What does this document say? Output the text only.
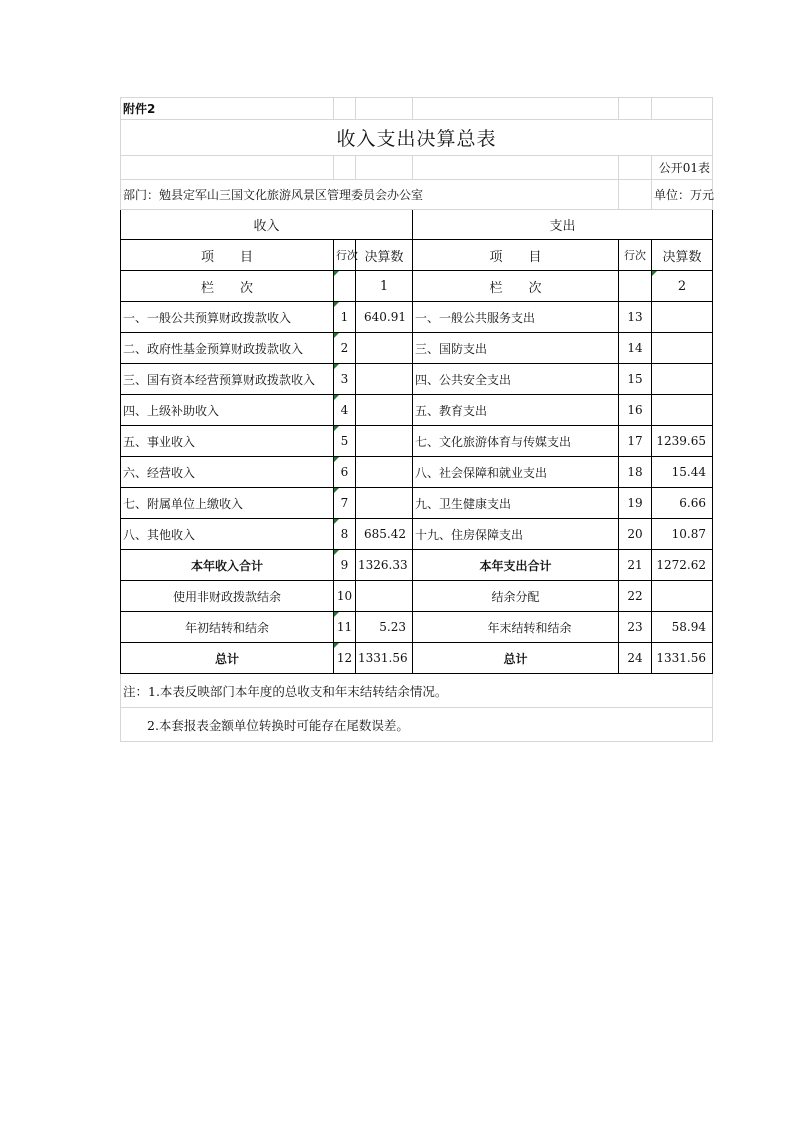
附件2					
收入支出决算总表					
					公开01表
部门：勉县定军山三国文化旅游风景区管理委员会办公室					单位：万元
收入			支出		
项　　目	行次	决算数	项　　目	行次	决算数
栏　　次		1	栏　　次		2
一、一般公共预算财政拨款收入	1	640.91	一、一般公共服务支出	13	
二、政府性基金预算财政拨款收入	2		三、国防支出	14	
三、国有资本经营预算财政拨款收入	3		四、公共安全支出	15	
四、上级补助收入	4		五、教育支出	16	
五、事业收入	5		七、文化旅游体育与传媒支出	17	1239.65
六、经营收入	6		八、社会保障和就业支出	18	15.44
七、附属单位上缴收入	7		九、卫生健康支出	19	6.66
八、其他收入	8	685.42	十九、住房保障支出	20	10.87
本年收入合计	9	1326.33	本年支出合计	21	1272.62
使用非财政拨款结余	10		结余分配	22	
年初结转和结余	11	5.23	年末结转和结余	23	58.94
总计	12	1331.56	总计	24	1331.56
注：1.本表反映部门本年度的总收支和年末结转结余情况。					
2.本套报表金额单位转换时可能存在尾数误差。					
